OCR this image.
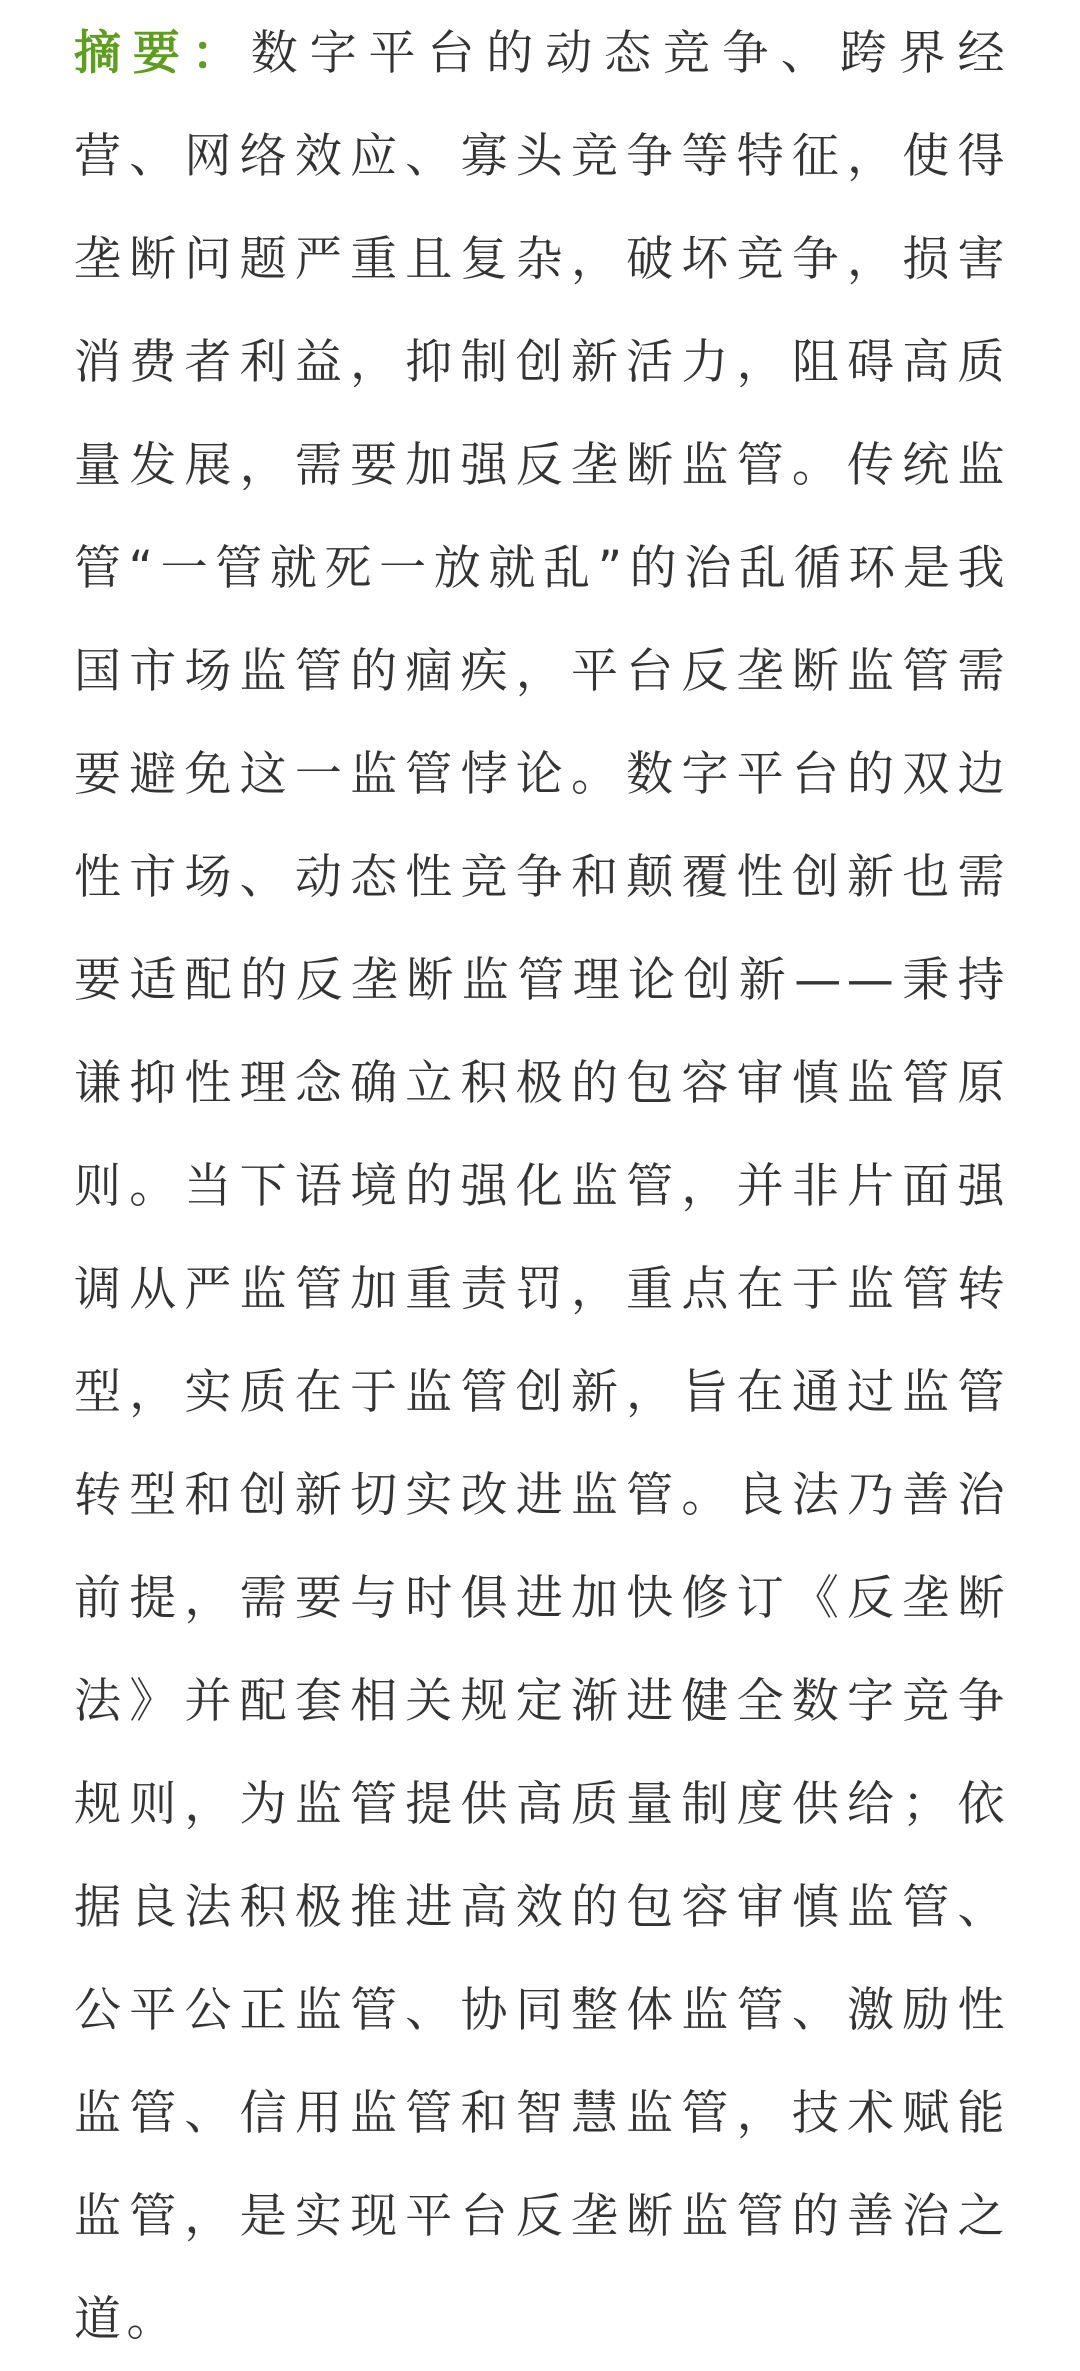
摘要：数字平台的动态竞争、跨界经营、网络效应、寡头竞争等特征，使得垄断问题严重且复杂，破坏竞争，损害消费者利益，抑制创新活力，阻碍高质量发展，需要加强反垄断监管。传统监管“一管就死一放就乱”的治乱循环是我国市场监管的痼疾，平台反垄断监管需要避免这一监管悖论。数字平台的双边性市场、动态性竞争和颠覆性创新也需要适配的反垄断监管理论创新——秉持谦抑性理念确立积极的包容审慎监管原则。当下语境的强化监管，并非片面强调从严监管加重责罚，重点在于监管转型，实质在于监管创新，旨在通过监管转型和创新切实改进监管。良法乃善治前提，需要与时俱进加快修订《反垄断法》并配套相关规定渐进健全数字竞争规则，为监管提供高质量制度供给；依据良法积极推进高效的包容审慎监管、公平公正监管、协同整体监管、激励性监管、信用监管和智慧监管，技术赋能监管，是实现平台反垄断监管的善治之道。
